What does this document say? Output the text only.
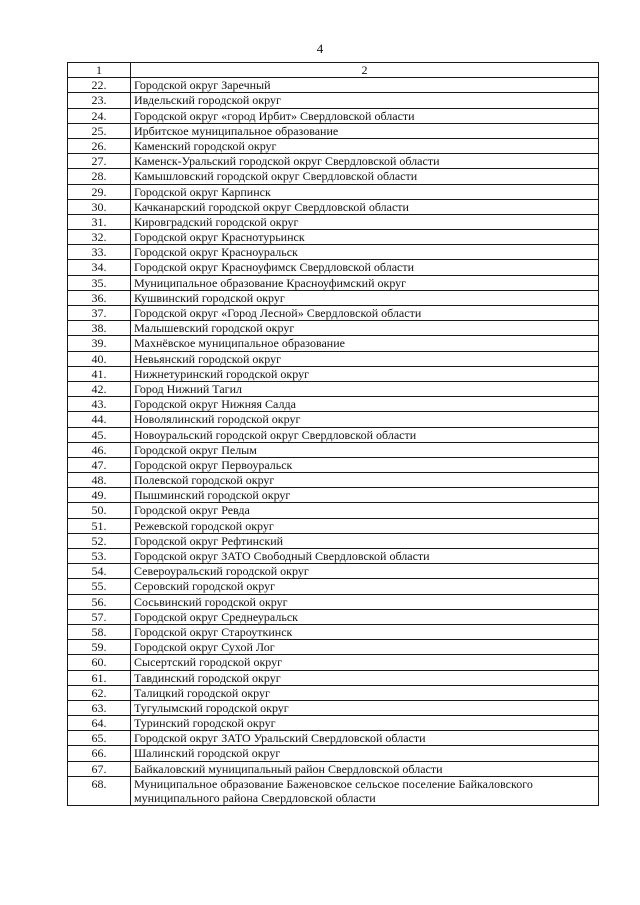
4
1	2
22.	Городской округ Заречный
23.	Ивдельский городской округ
24.	Городской округ «город Ирбит» Свердловской области
25.	Ирбитское муниципальное образование
26.	Каменский городской округ
27.	Каменск-Уральский городской округ Свердловской области
28.	Камышловский городской округ Свердловской области
29.	Городской округ Карпинск
30.	Качканарский городской округ Свердловской области
31.	Кировградский городской округ
32.	Городской округ Краснотурьинск
33.	Городской округ Красноуральск
34.	Городской округ Красноуфимск Свердловской области
35.	Муниципальное образование Красноуфимский округ
36.	Кушвинский городской округ
37.	Городской округ «Город Лесной» Свердловской области
38.	Малышевский городской округ
39.	Махнёвское муниципальное образование
40.	Невьянский городской округ
41.	Нижнетуринский городской округ
42.	Город Нижний Тагил
43.	Городской округ Нижняя Салда
44.	Новолялинский городской округ
45.	Новоуральский городской округ Свердловской области
46.	Городской округ Пелым
47.	Городской округ Первоуральск
48.	Полевской городской округ
49.	Пышминский городской округ
50.	Городской округ Ревда
51.	Режевской городской округ
52.	Городской округ Рефтинский
53.	Городской округ ЗАТО Свободный Свердловской области
54.	Североуральский городской округ
55.	Серовский городской округ
56.	Сосьвинский городской округ
57.	Городской округ Среднеуральск
58.	Городской округ Староуткинск
59.	Городской округ Сухой Лог
60.	Сысертский городской округ
61.	Тавдинский городской округ
62.	Талицкий городской округ
63.	Тугулымский городской округ
64.	Туринский городской округ
65.	Городской округ ЗАТО Уральский Свердловской области
66.	Шалинский городской округ
67.	Байкаловский муниципальный район Свердловской области
68.	Муниципальное образование Баженовское сельское поселение Байкаловского муниципального района Свердловской области
